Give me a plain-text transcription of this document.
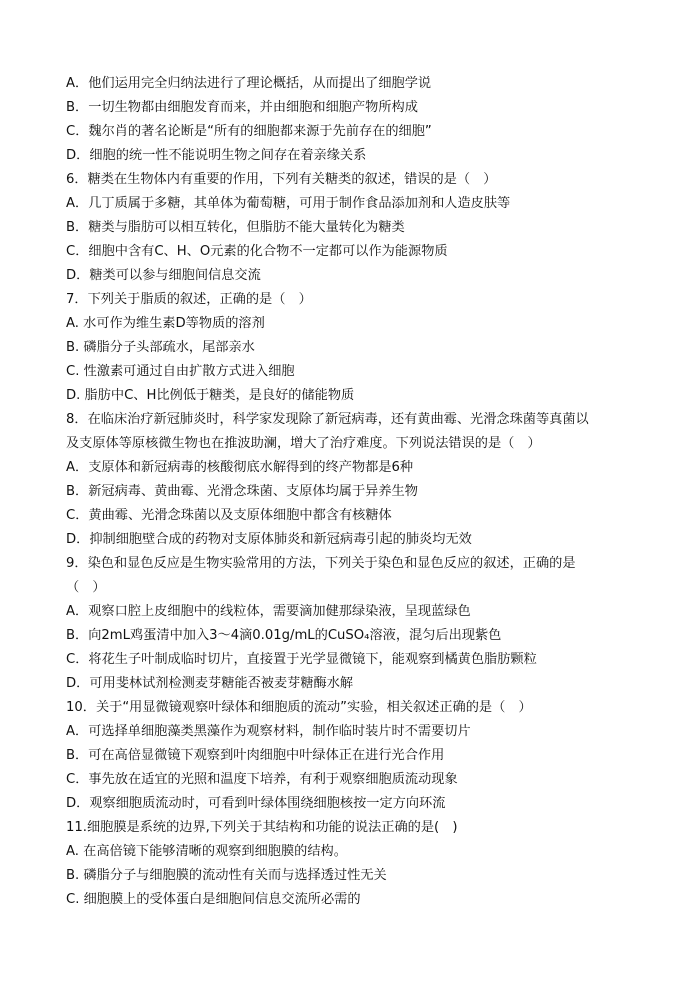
A．他们运用完全归纳法进行了理论概括，从而提出了细胞学说
B．一切生物都由细胞发育而来，并由细胞和细胞产物所构成
C．魏尔肖的著名论断是“所有的细胞都来源于先前存在的细胞”
D．细胞的统一性不能说明生物之间存在着亲缘关系
6．糖类在生物体内有重要的作用，下列有关糖类的叙述，错误的是（　）
A．几丁质属于多糖，其单体为葡萄糖，可用于制作食品添加剂和人造皮肤等
B．糖类与脂肪可以相互转化，但脂肪不能大量转化为糖类
C．细胞中含有C、H、O元素的化合物不一定都可以作为能源物质
D．糖类可以参与细胞间信息交流
7．下列关于脂质的叙述，正确的是（　）
A. 水可作为维生素D等物质的溶剂
B. 磷脂分子头部疏水，尾部亲水
C. 性激素可通过自由扩散方式进入细胞
D. 脂肪中C、H比例低于糖类，是良好的储能物质
8．在临床治疗新冠肺炎时，科学家发现除了新冠病毒，还有黄曲霉、光滑念珠菌等真菌以
及支原体等原核微生物也在推波助澜，增大了治疗难度。下列说法错误的是（　）
A．支原体和新冠病毒的核酸彻底水解得到的终产物都是6种
B．新冠病毒、黄曲霉、光滑念珠菌、支原体均属于异养生物
C．黄曲霉、光滑念珠菌以及支原体细胞中都含有核糖体
D．抑制细胞壁合成的药物对支原体肺炎和新冠病毒引起的肺炎均无效
9．染色和显色反应是生物实验常用的方法，下列关于染色和显色反应的叙述，正确的是
（　）
A．观察口腔上皮细胞中的线粒体，需要滴加健那绿染液，呈现蓝绿色
B．向2mL鸡蛋清中加入3～4滴0.01g/mL的CuSO₄溶液，混匀后出现紫色
C．将花生子叶制成临时切片，直接置于光学显微镜下，能观察到橘黄色脂肪颗粒
D．可用斐林试剂检测麦芽糖能否被麦芽糖酶水解
10．关于“用显微镜观察叶绿体和细胞质的流动”实验，相关叙述正确的是（　）
A．可选择单细胞藻类黑藻作为观察材料，制作临时装片时不需要切片
B．可在高倍显微镜下观察到叶肉细胞中叶绿体正在进行光合作用
C．事先放在适宜的光照和温度下培养，有利于观察细胞质流动现象
D．观察细胞质流动时，可看到叶绿体围绕细胞核按一定方向环流
11.细胞膜是系统的边界,下列关于其结构和功能的说法正确的是(　)
A. 在高倍镜下能够清晰的观察到细胞膜的结构。
B. 磷脂分子与细胞膜的流动性有关而与选择透过性无关
C. 细胞膜上的受体蛋白是细胞间信息交流所必需的
